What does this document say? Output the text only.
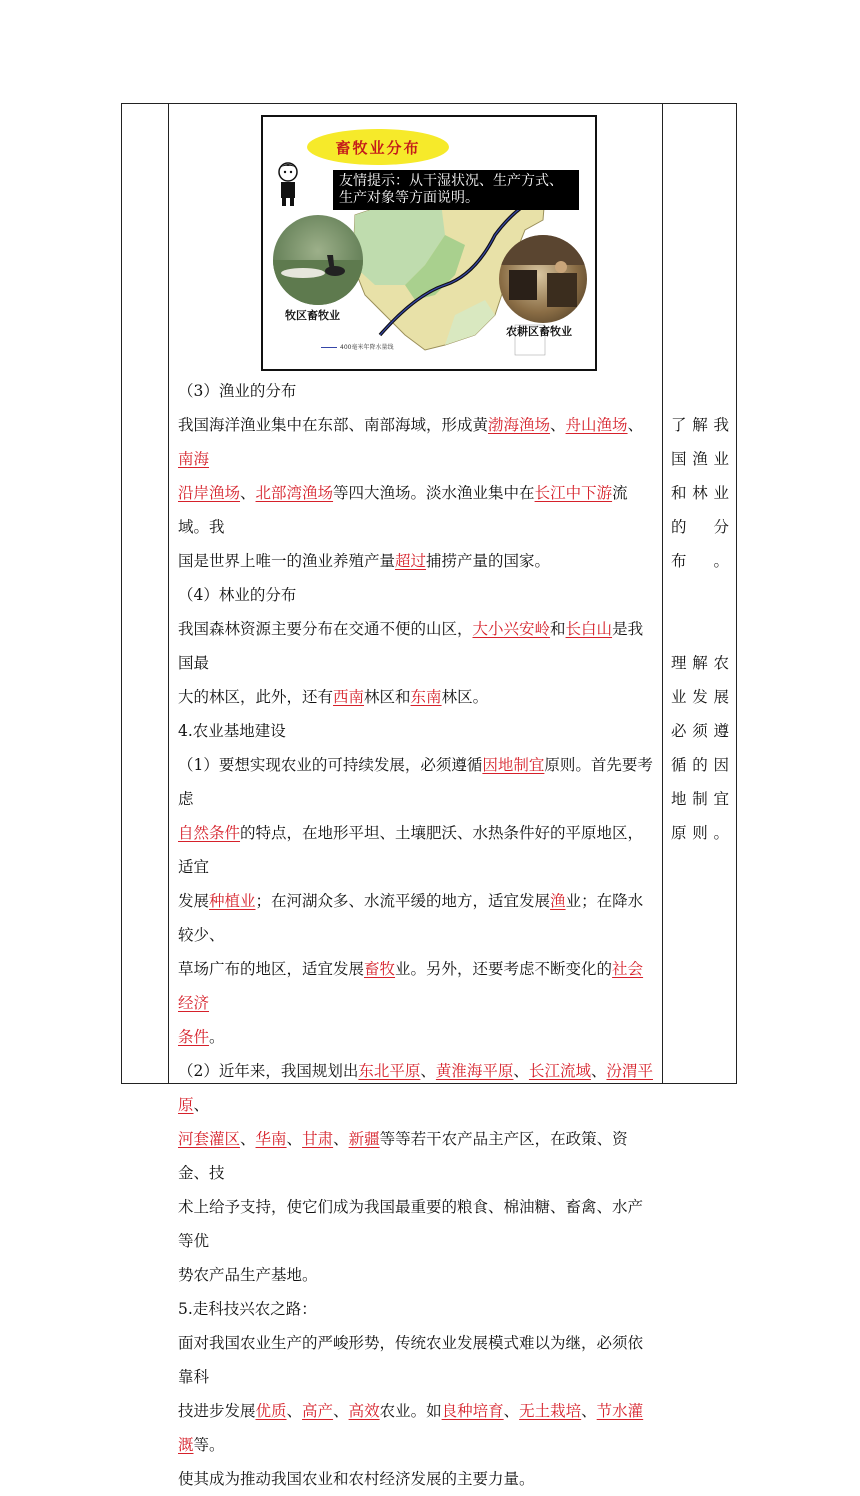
畜牧业分布
友情提示：从干湿状况、生产方式、生产对象等方面说明。
牧区畜牧业
农耕区畜牧业
400毫米年降水量线
（3）渔业的分布
我国海洋渔业集中在东部、南部海域，形成黄渤海渔场、舟山渔场、南海
沿岸渔场、北部湾渔场等四大渔场。淡水渔业集中在长江中下游流域。我
国是世界上唯一的渔业养殖产量超过捕捞产量的国家。
（4）林业的分布
我国森林资源主要分布在交通不便的山区，大小兴安岭和长白山是我国最
大的林区，此外，还有西南林区和东南林区。
4.农业基地建设
（1）要想实现农业的可持续发展，必须遵循因地制宜原则。首先要考虑
自然条件的特点，在地形平坦、土壤肥沃、水热条件好的平原地区，适宜
发展种植业；在河湖众多、水流平缓的地方，适宜发展渔业；在降水较少、
草场广布的地区，适宜发展畜牧业。另外，还要考虑不断变化的社会经济
条件。
（2）近年来，我国规划出东北平原、黄淮海平原、长江流域、汾渭平原、
河套灌区、华南、甘肃、新疆等等若干农产品主产区，在政策、资金、技
术上给予支持，使它们成为我国最重要的粮食、棉油糖、畜禽、水产等优
势农产品生产基地。
5.走科技兴农之路：
面对我国农业生产的严峻形势，传统农业发展模式难以为继，必须依靠科
技进步发展优质、高产、高效农业。如良种培育、无土栽培、节水灌溉等。
使其成为推动我国农业和农村经济发展的主要力量。
了 解 我
国 渔 业
和 林 业
的分布。
理 解 农
业 发 展
必 须 遵
循 的 因
地 制 宜
原则。
